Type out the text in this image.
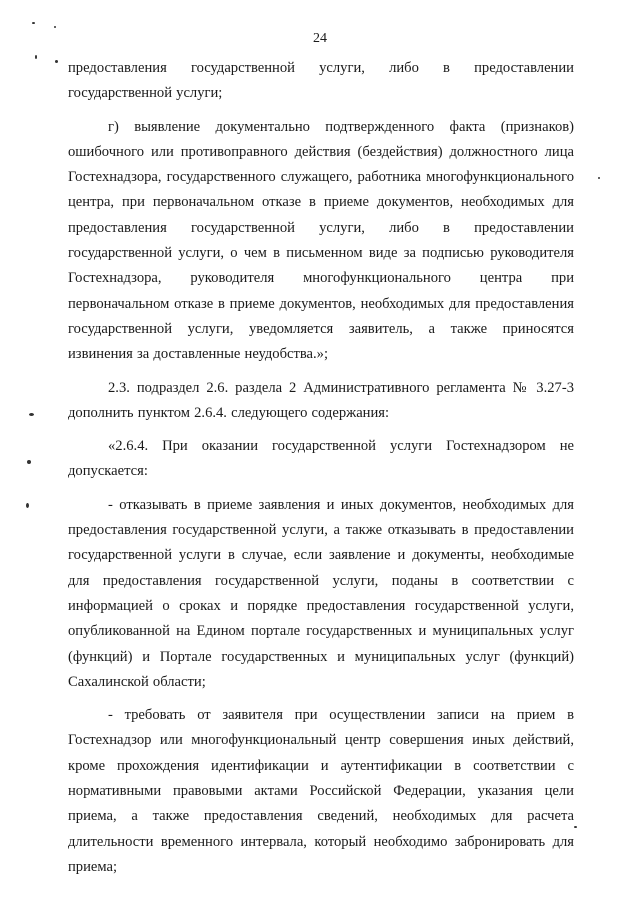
24

предоставления государственной услуги, либо в предоставлении государственной услуги;

г) выявление документально подтвержденного факта (признаков) ошибочного или противоправного действия (бездействия) должностного лица Гостехнадзора, государственного служащего, работника многофункционального центра, при первоначальном отказе в приеме документов, необходимых для предоставления государственной услуги, либо в предоставлении государственной услуги, о чем в письменном виде за подписью руководителя Гостехнадзора, руководителя многофункционального центра при первоначальном отказе в приеме документов, необходимых для предоставления государственной услуги, уведомляется заявитель, а также приносятся извинения за доставленные неудобства.»;

2.3. подраздел 2.6. раздела 2 Административного регламента № 3.27-3 дополнить пунктом 2.6.4. следующего содержания:

«2.6.4. При оказании государственной услуги Гостехнадзором не допускается:

- отказывать в приеме заявления и иных документов, необходимых для предоставления государственной услуги, а также отказывать в предоставлении государственной услуги в случае, если заявление и документы, необходимые для предоставления государственной услуги, поданы в соответствии с информацией о сроках и порядке предоставления государственной услуги, опубликованной на Едином портале государственных и муниципальных услуг (функций) и Портале государственных и муниципальных услуг (функций) Сахалинской области;

- требовать от заявителя при осуществлении записи на прием в Гостехнадзор или многофункциональный центр совершения иных действий, кроме прохождения идентификации и аутентификации в соответствии с нормативными правовыми актами Российской Федерации, указания цели приема, а также предоставления сведений, необходимых для расчета длительности временного интервала, который необходимо забронировать для приема;
